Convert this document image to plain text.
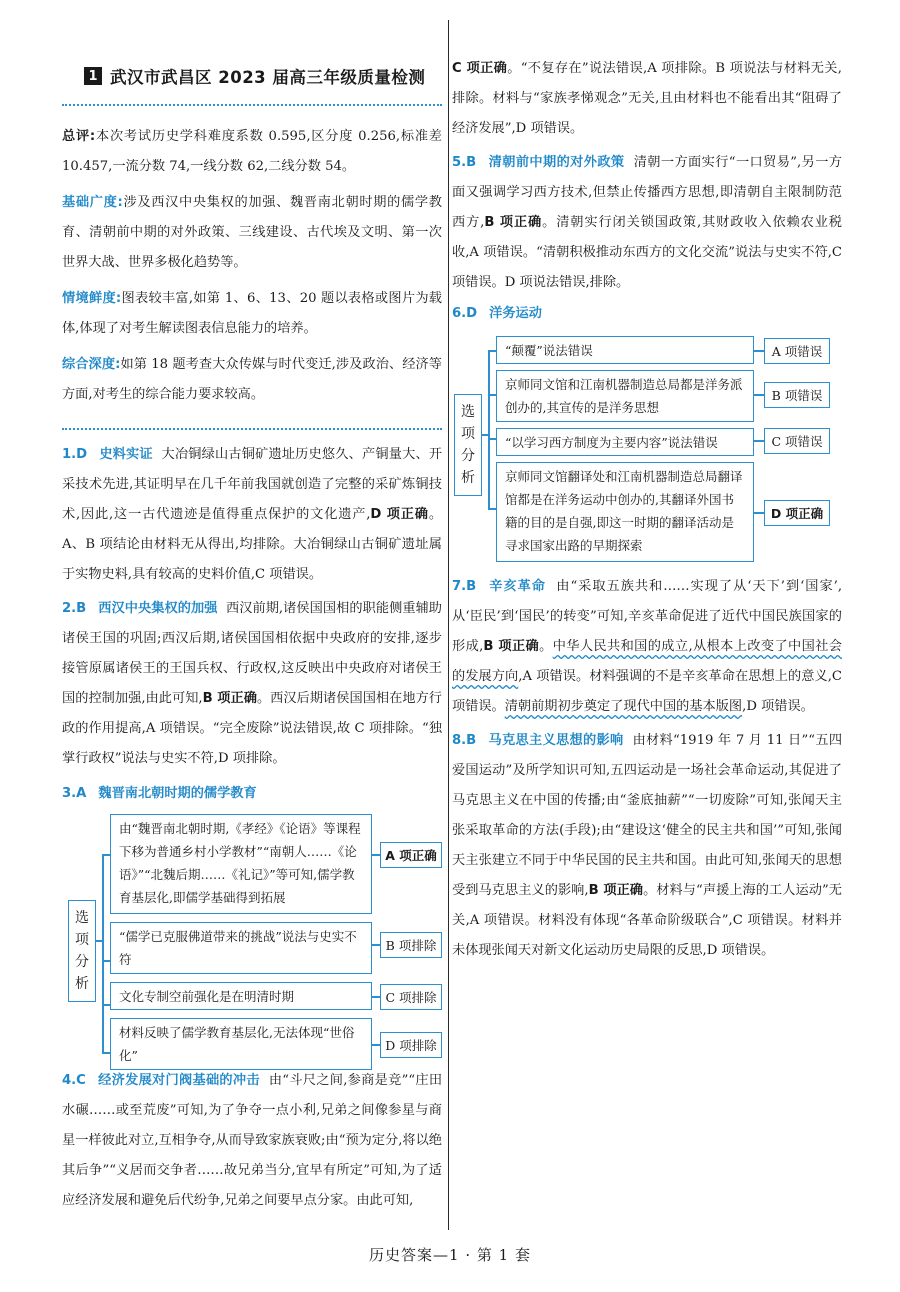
1 武汉市武昌区 2023 届高三年级质量检测

总评:本次考试历史学科难度系数 0.595,区分度 0.256,标准差 10.457,一流分数 74,一线分数 62,二线分数 54。

基础广度:涉及西汉中央集权的加强、魏晋南北朝时期的儒学教育、清朝前中期的对外政策、三线建设、古代埃及文明、第一次世界大战、世界多极化趋势等。

情境鲜度:图表较丰富,如第 1、6、13、20 题以表格或图片为载体,体现了对考生解读图表信息能力的培养。

综合深度:如第 18 题考查大众传媒与时代变迁,涉及政治、经济等方面,对考生的综合能力要求较高。

1.D 史料实证 大冶铜绿山古铜矿遗址历史悠久、产铜量大、开采技术先进,其证明早在几千年前我国就创造了完整的采矿炼铜技术,因此,这一古代遗迹是值得重点保护的文化遗产,D 项正确。A、B 项结论由材料无从得出,均排除。大冶铜绿山古铜矿遗址属于实物史料,具有较高的史料价值,C 项错误。

2.B 西汉中央集权的加强 西汉前期,诸侯国国相的职能侧重辅助诸侯王国的巩固;西汉后期,诸侯国国相依据中央政府的安排,逐步接管原属诸侯王的王国兵权、行政权,这反映出中央政府对诸侯王国的控制加强,由此可知,B 项正确。西汉后期诸侯国国相在地方行政的作用提高,A 项错误。“完全废除”说法错误,故 C 项排除。“独掌行政权”说法与史实不符,D 项排除。

3.A 魏晋南北朝时期的儒学教育
选项分析
由“魏晋南北朝时期,《孝经》《论语》等课程下移为普通乡村小学教材”“南朝人……《论语》”“北魏后期……《礼记》”等可知,儒学教育基层化,即儒学基础得到拓展
“儒学已克服佛道带来的挑战”说法与史实不符
文化专制空前强化是在明清时期
材料反映了儒学教育基层化,无法体现“世俗化”
A 项正确
B 项排除
C 项排除
D 项排除

4.C 经济发展对门阀基础的冲击 由“斗尺之间,参商是竞”“庄田水碾……或至荒废”可知,为了争夺一点小利,兄弟之间像参星与商星一样彼此对立,互相争夺,从而导致家族衰败;由“预为定分,将以绝其后争”“义居而交争者……故兄弟当分,宜早有所定”可知,为了适应经济发展和避免后代纷争,兄弟之间要早点分家。由此可知,

C 项正确。“不复存在”说法错误,A 项排除。B 项说法与材料无关,排除。材料与“家族孝悌观念”无关,且由材料也不能看出其“阻碍了经济发展”,D 项错误。

5.B 清朝前中期的对外政策 清朝一方面实行“一口贸易”,另一方面又强调学习西方技术,但禁止传播西方思想,即清朝自主限制防范西方,B 项正确。清朝实行闭关锁国政策,其财政收入依赖农业税收,A 项错误。“清朝积极推动东西方的文化交流”说法与史实不符,C 项错误。D 项说法错误,排除。

6.D 洋务运动
选项分析
“颠覆”说法错误
京师同文馆和江南机器制造总局都是洋务派创办的,其宣传的是洋务思想
“以学习西方制度为主要内容”说法错误
京师同文馆翻译处和江南机器制造总局翻译馆都是在洋务运动中创办的,其翻译外国书籍的目的是自强,即这一时期的翻译活动是寻求国家出路的早期探索
A 项错误
B 项错误
C 项错误
D 项正确

7.B 辛亥革命 由“采取五族共和……实现了从‘天下’到‘国家’,从‘臣民’到‘国民’的转变”可知,辛亥革命促进了近代中国民族国家的形成,B 项正确。中华人民共和国的成立,从根本上改变了中国社会的发展方向,A 项错误。材料强调的不是辛亥革命在思想上的意义,C 项错误。清朝前期初步奠定了现代中国的基本版图,D 项错误。

8.B 马克思主义思想的影响 由材料“1919 年 7 月 11 日”“五四爱国运动”及所学知识可知,五四运动是一场社会革命运动,其促进了马克思主义在中国的传播;由“釜底抽薪”“一切废除”可知,张闻天主张采取革命的方法(手段);由“建设这‘健全的民主共和国’”可知,张闻天主张建立不同于中华民国的民主共和国。由此可知,张闻天的思想受到马克思主义的影响,B 项正确。材料与“声援上海的工人运动”无关,A 项错误。材料没有体现“各革命阶级联合”,C 项错误。材料并未体现张闻天对新文化运动历史局限的反思,D 项错误。

历史答案—1 · 第 1 套
